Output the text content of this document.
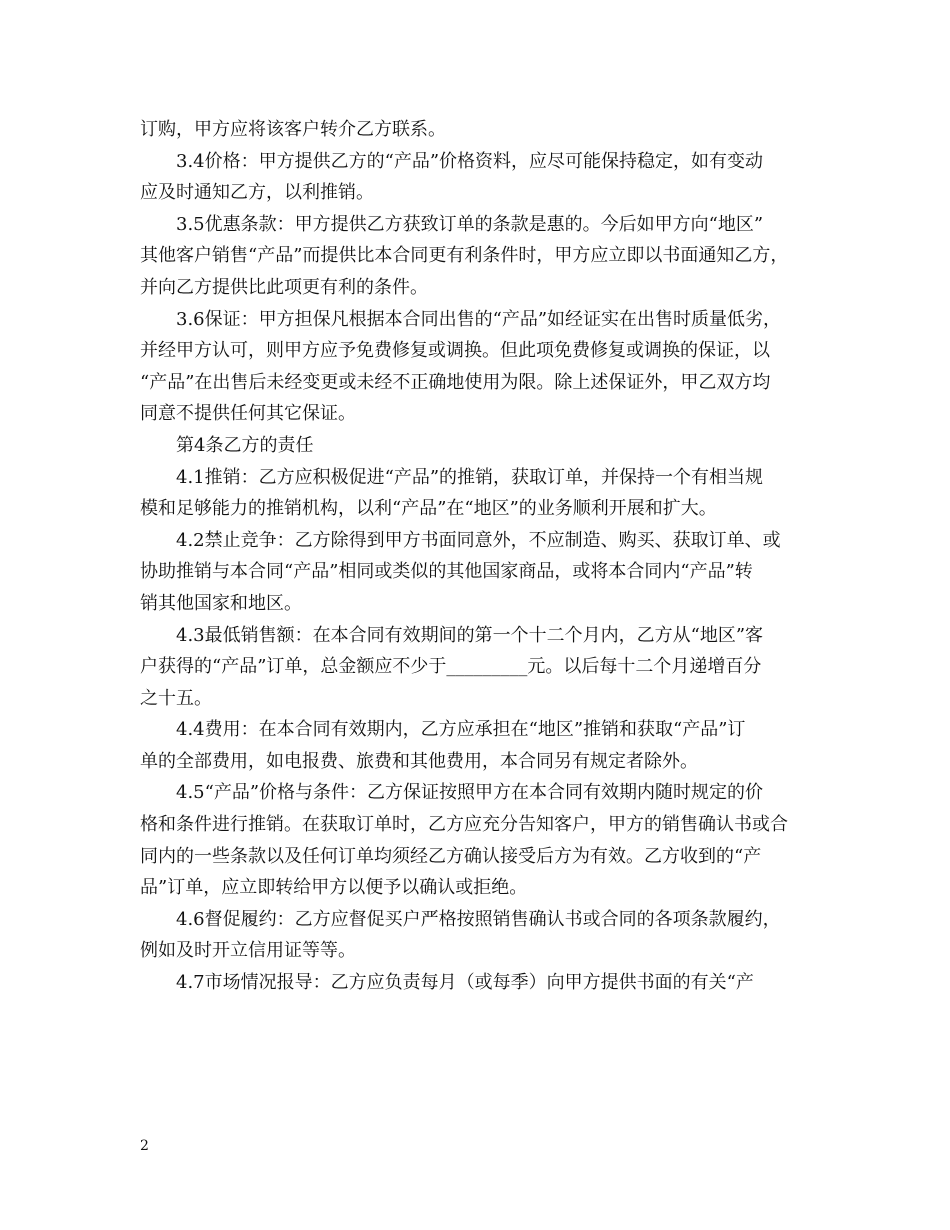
订购，甲方应将该客户转介乙方联系。
3.4价格：甲方提供乙方的“产品”价格资料，应尽可能保持稳定，如有变动
应及时通知乙方，以利推销。
3.5优惠条款：甲方提供乙方获致订单的条款是惠的。今后如甲方向“地区”
其他客户销售“产品”而提供比本合同更有利条件时，甲方应立即以书面通知乙方，
并向乙方提供比此项更有利的条件。
3.6保证：甲方担保凡根据本合同出售的“产品”如经证实在出售时质量低劣，
并经甲方认可，则甲方应予免费修复或调换。但此项免费修复或调换的保证，以
“产品”在出售后未经变更或未经不正确地使用为限。除上述保证外，甲乙双方均
同意不提供任何其它保证。
第4条乙方的责任
4.1推销：乙方应积极促进“产品”的推销，获取订单，并保持一个有相当规
模和足够能力的推销机构，以利“产品”在“地区”的业务顺利开展和扩大。
4.2禁止竞争：乙方除得到甲方书面同意外，不应制造、购买、获取订单、或
协助推销与本合同“产品”相同或类似的其他国家商品，或将本合同内“产品”转
销其他国家和地区。
4.3最低销售额：在本合同有效期间的第一个十二个月内，乙方从“地区”客
户获得的“产品”订单，总金额应不少于_________元。以后每十二个月递增百分
之十五。
4.4费用：在本合同有效期内，乙方应承担在“地区”推销和获取“产品”订
单的全部费用，如电报费、旅费和其他费用，本合同另有规定者除外。
4.5“产品”价格与条件：乙方保证按照甲方在本合同有效期内随时规定的价
格和条件进行推销。在获取订单时，乙方应充分告知客户，甲方的销售确认书或合
同内的一些条款以及任何订单均须经乙方确认接受后方为有效。乙方收到的“产
品”订单，应立即转给甲方以便予以确认或拒绝。
4.6督促履约：乙方应督促买户严格按照销售确认书或合同的各项条款履约，
例如及时开立信用证等等。
4.7市场情况报导：乙方应负责每月（或每季）向甲方提供书面的有关“产
2
